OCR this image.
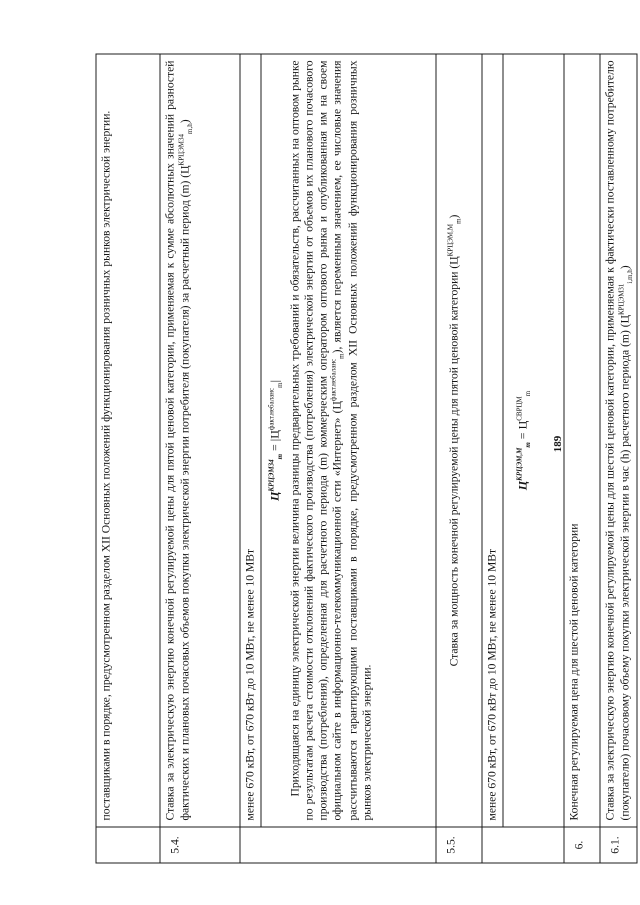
189
	поставщиками в порядке, предусмотренном разделом XII Основных положений функционирования розничных рынков электрической энергии.
5.4.	Ставка за электрическую энергию конечной регулируемой цены для пятой ценовой категории, применяемая к сумме абсолютных значений разностей фактических и плановых почасовых объемов покупки электрической энергии потребителя (покупателя) за расчетный период (m) $(Ц^{КРЦЭМ34}_{m,h})$

	менее 670 кВт, от 670 кВт до 10 МВт, не менее 10 МВт
$Ц^{КРЦЭМ34}_m = |Ц^{факт.небаланс}_m|$ Приходящаяся на единицу электрической энергии величина разницы предварительных требований и обязательств, рассчитанных на оптовом рынке по результатам расчета стоимости отклонений фактического производства (потребления) электрической энергии от объемов их планового почасового производства (потребления), определенная для расчетного периода (m) коммерческим оператором оптового рынка и опубликованная им на своем официальном сайте в информационно-телекоммуникационной сети «Интернет» $(Ц^{факт.небаланс}_m)$, является переменным значением, ее числовые значения рассчитываются гарантирующими поставщиками в порядке, предусмотренном разделом XII Основных положений функционирования розничных рынков электрической энергии.

5.5.	Ставка за мощность конечной регулируемой цены для пятой ценовой категории $(Ц^{КРЦЭМ,М}_m)$

	менее 670 кВт, от 670 кВт до 10 МВт, не менее 10 МВт
$Ц^{КРЦЭМ,М}_m = Ц^{СВРЦМ}_m$

6.	Конечная регулируемая цена для шестой ценовой категории
6.1.	Ставка за электрическую энергию конечной регулируемой цены для шестой ценовой категории, применяемая к фактически поставленному потребителю (покупателю) почасовому объему покупки электрической энергии в час (h) расчетного периода (m) $(Ц^{КРЦЭМ31}_{i,m,h})$
